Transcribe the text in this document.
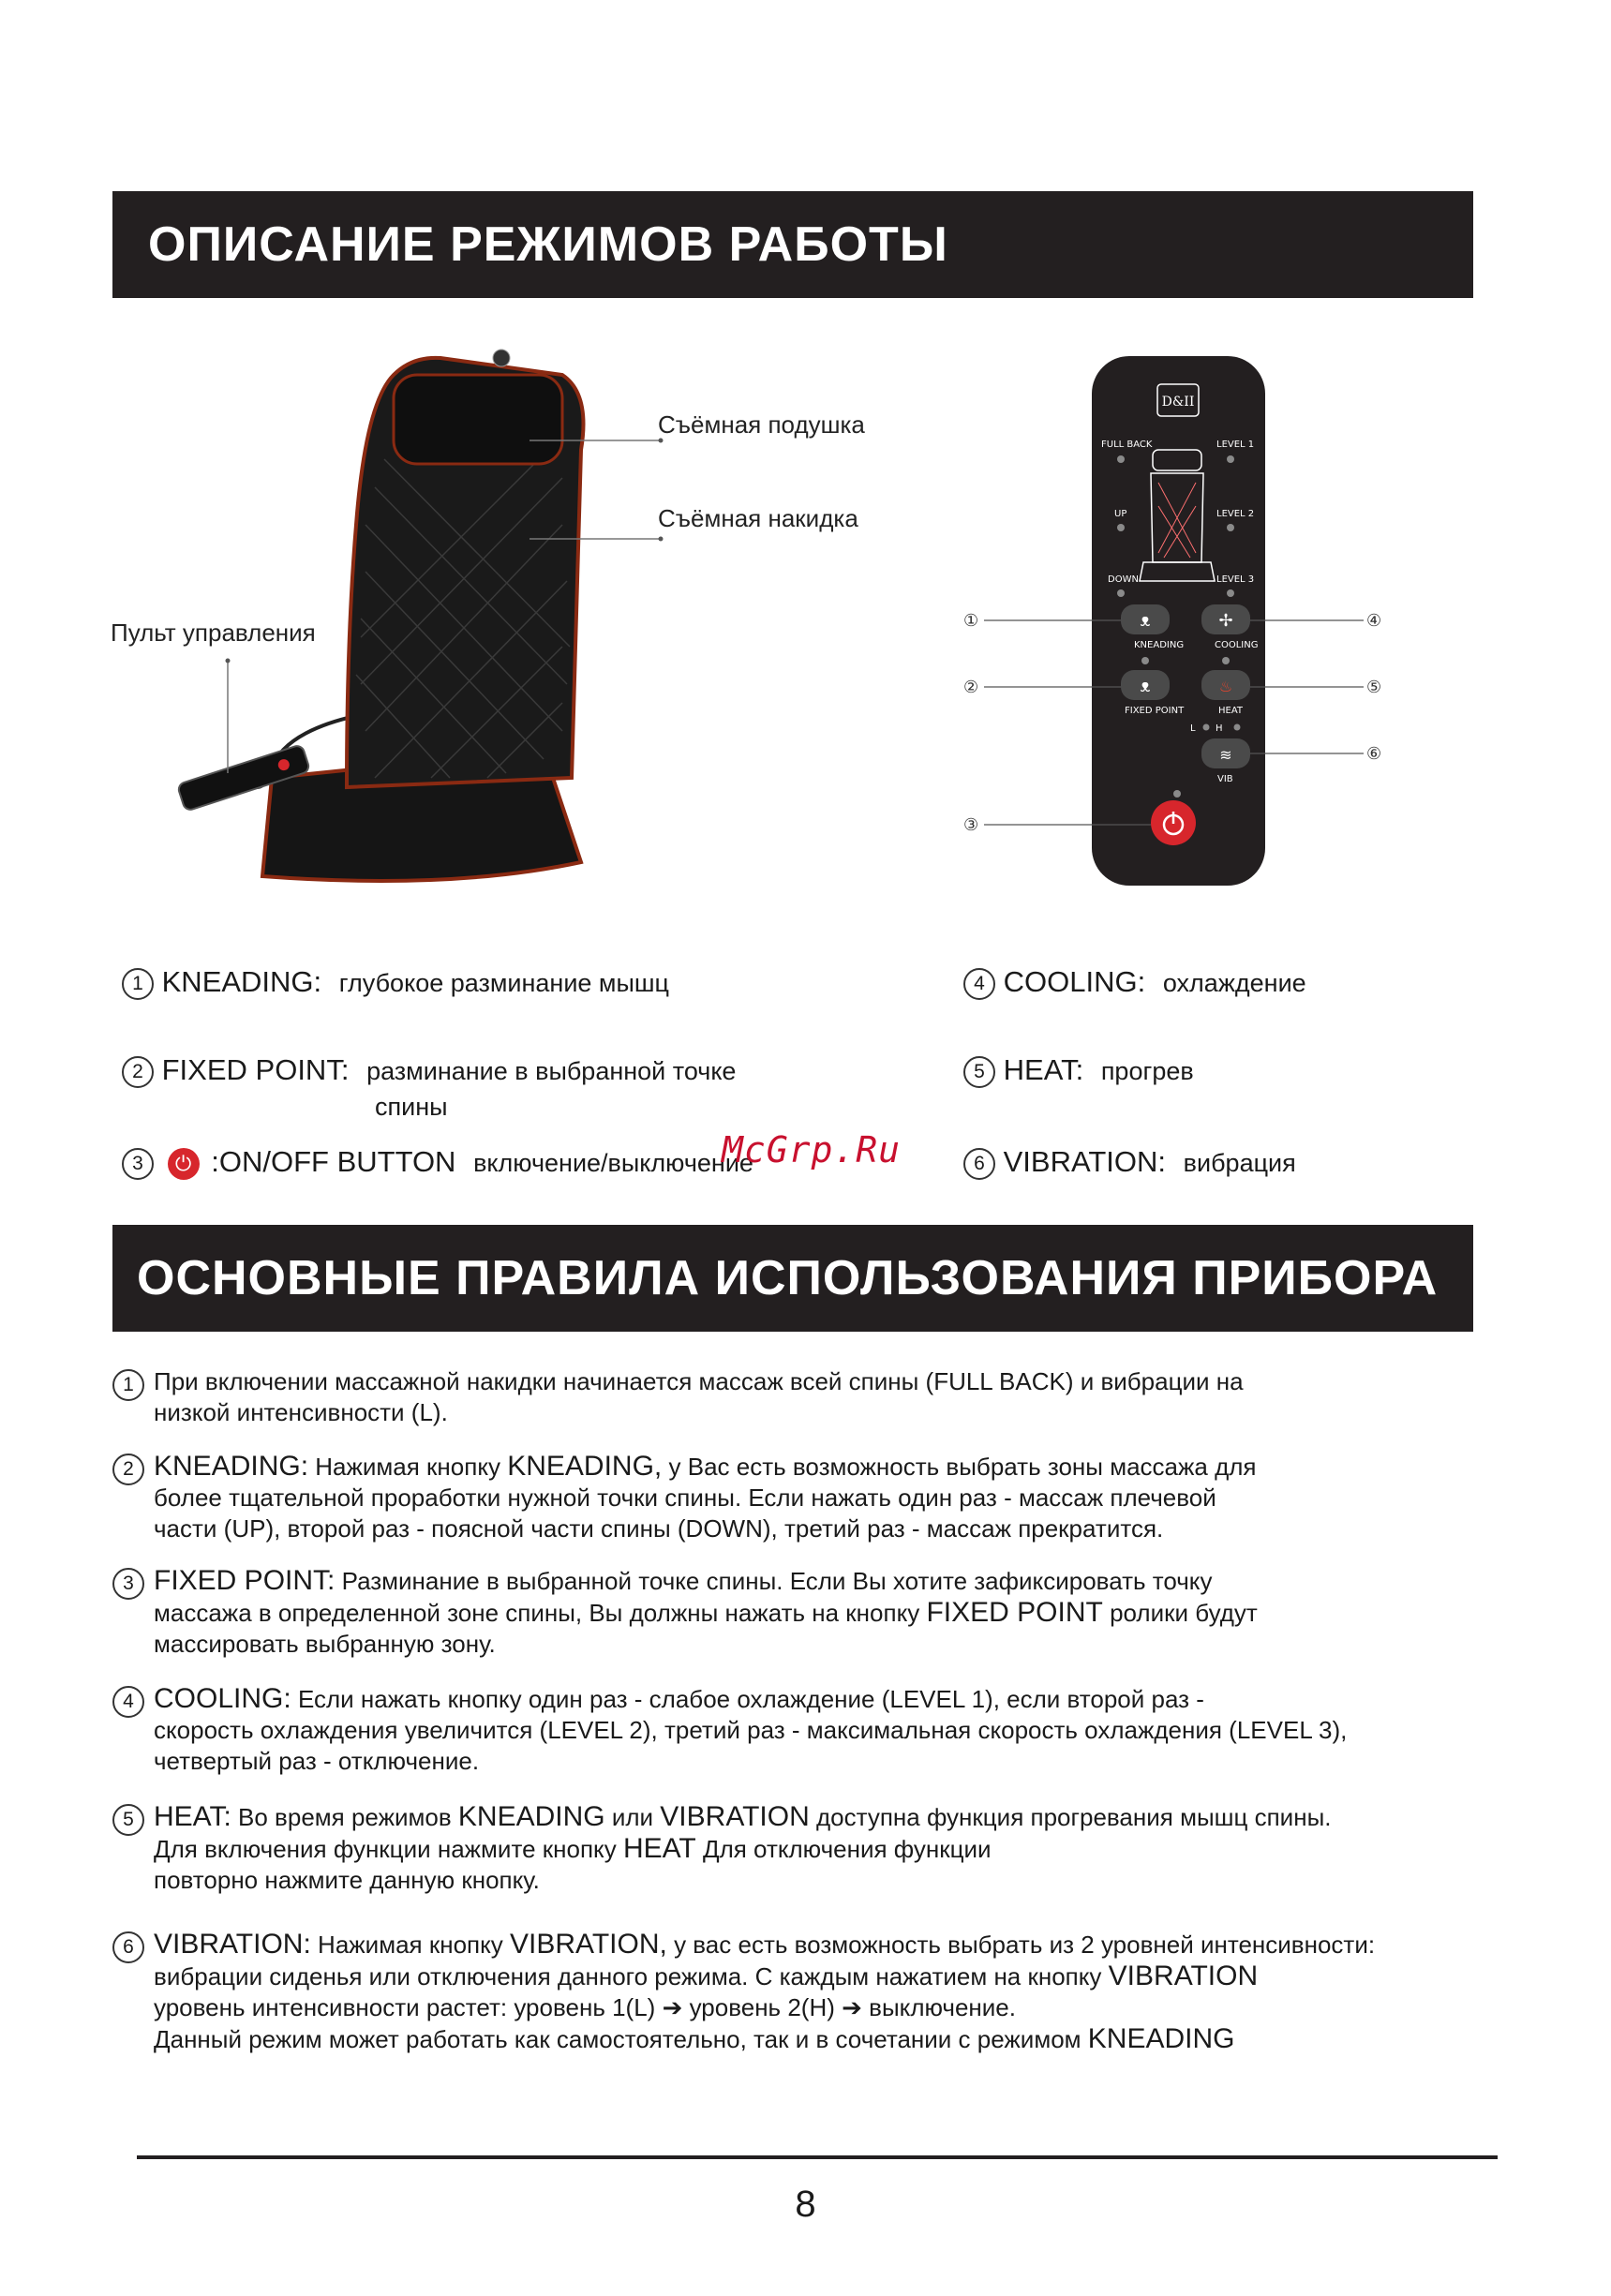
ОПИСАНИЕ РЕЖИМОВ РАБОТЫ
Съёмная подушка
Съёмная накидка
Пульт управления
D&II
FULL BACK	LEVEL 1
UP	LEVEL 2
DOWN	LEVEL 3
ᴥ
KNEADING
✢
COOLING
ᴥ
FIXED POINT
♨
HEAT
L H
≋
VIB
①
②
③
④
⑤
⑥
1 KNEADING: глубокое разминание мышц
2 FIXED POINT: разминание в выбранной точке
спины
3 ⏻ :ON/OFF BUTTON включение/выключение
4 COOLING: охлаждение
5 HEAT: прогрев
6 VIBRATION: вибрация
McGrp.Ru
ОСНОВНЫЕ ПРАВИЛА ИСПОЛЬЗОВАНИЯ ПРИБОРА
1 При включении массажной накидки начинается массаж всей спины (FULL BACK) и вибрации на
низкой интенсивности (L).
2 KNEADING: Нажимая кнопку KNEADING, у Вас есть возможность выбрать зоны массажа для
более тщательной проработки нужной точки спины. Если нажать один раз - массаж плечевой
части (UP), второй раз - поясной части спины (DOWN), третий раз - массаж прекратится.
3 FIXED POINT: Разминание в выбранной точке спины. Если Вы хотите зафиксировать точку
массажа в определенной зоне спины, Вы должны нажать на кнопку FIXED POINT ролики будут
массировать выбранную зону.
4 COOLING: Если нажать кнопку один раз - слабое охлаждение (LEVEL 1), если второй раз -
скорость охлаждения увеличится (LEVEL 2), третий раз - максимальная скорость охлаждения (LEVEL 3),
четвертый раз - отключение.
5 HEAT: Во время режимов KNEADING или VIBRATION доступна функция прогревания мышц спины.
Для включения функции нажмите кнопку HEAT Для отключения функции
повторно нажмите данную кнопку.
6 VIBRATION: Нажимая кнопку VIBRATION, у вас есть возможность выбрать из 2 уровней интенсивности:
вибрации сиденья или отключения данного режима. С каждым нажатием на кнопку VIBRATION
уровень интенсивности растет: уровень 1(L) ➔ уровень 2(H) ➔ выключение.
Данный режим может работать как самостоятельно, так и в сочетании с режимом KNEADING
8
